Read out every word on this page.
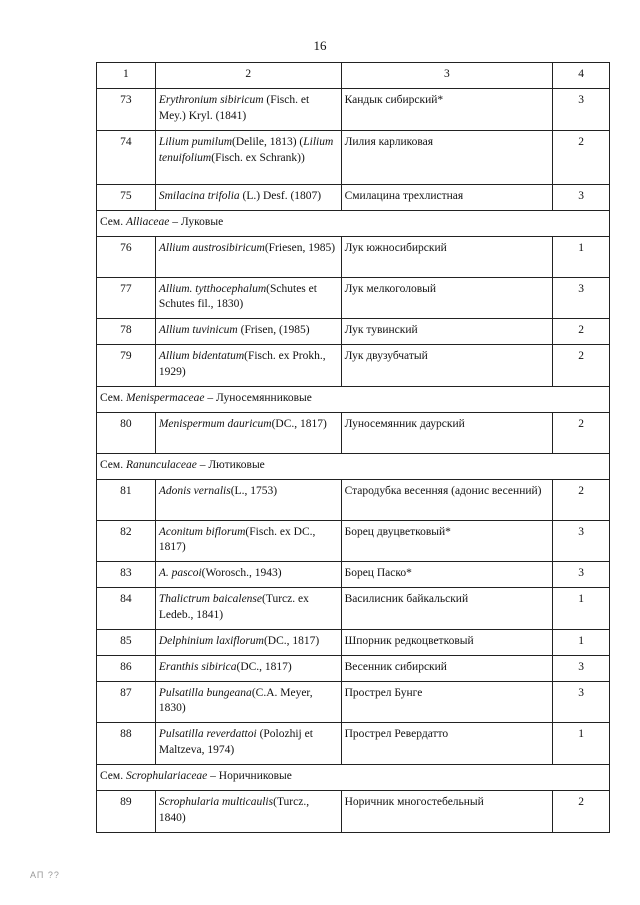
16
1	2	3	4
73	Erythronium sibiricum (Fisch. et Mey.) Kryl. (1841)	Кандык сибирский*	3
74	Lilium pumilum(Delile, 1813) (Lilium tenuifolium(Fisch. ex Schrank))	Лилия карликовая	2
75	Smilacina trifolia (L.) Desf. (1807)	Смилацина трехлистная	3
Сем. Alliaceae – Луковые			
76	Allium austrosibiricum(Friesen, 1985)	Лук южносибирский	1
77	Allium. tytthocephalum(Schutes et Schutes fil., 1830)	Лук мелкоголовый	3
78	Allium tuvinicum (Frisen, (1985)	Лук тувинский	2
79	Allium bidentatum(Fisch. ex Prokh., 1929)	Лук двузубчатый	2
Сем. Menispermaceae – Луносемянниковые			
80	Menispermum dauricum(DC., 1817)	Луносемянник даурский	2
Сем. Ranunculaceae – Лютиковые			
81	Adonis vernalis(L., 1753)	Стародубка весенняя (адонис весенний)	2
82	Aconitum biflorum(Fisch. ex DC., 1817)	Борец двуцветковый*	3
83	A. pascoi(Worosch., 1943)	Борец Паско*	3
84	Thalictrum baicalense(Turcz. ex Ledeb., 1841)	Василисник байкальский	1
85	Delphinium laxiflorum(DC., 1817)	Шпорник редкоцветковый	1
86	Eranthis sibirica(DC., 1817)	Весенник сибирский	3
87	Pulsatilla bungeana(C.A. Meyer, 1830)	Прострел Бунге	3
88	Pulsatilla reverdattoi (Polozhij et Maltzeva, 1974)	Прострел Ревердатто	1
Сем. Scrophulariaceae – Норичниковые			
89	Scrophularia multicaulis(Turcz., 1840)	Норичник многостебельный	2
АП ??
